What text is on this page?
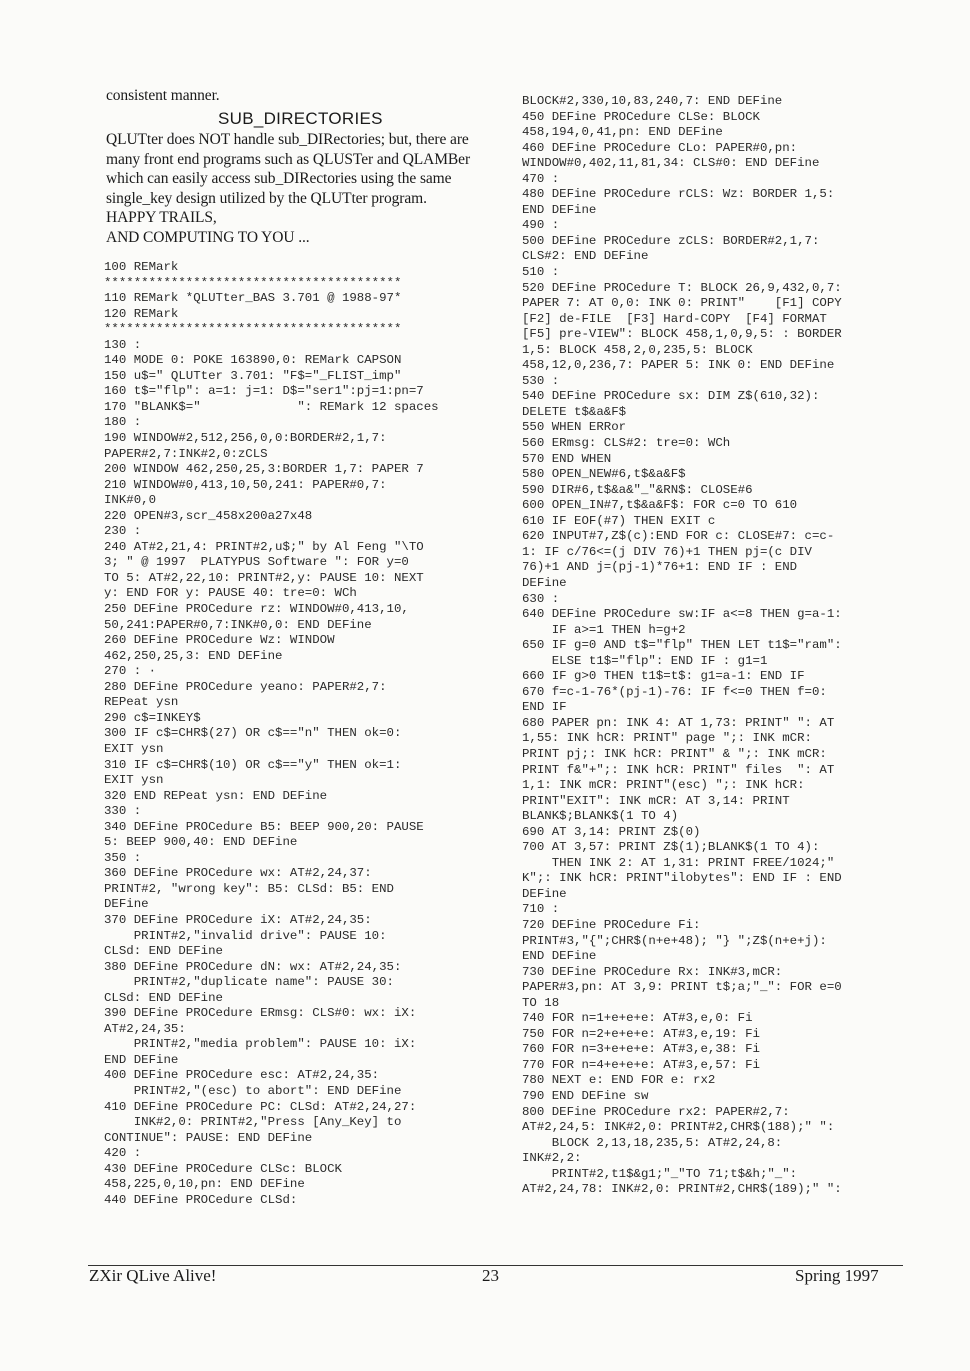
consistent manner.
SUB_DIRECTORIES
QLUTter does NOT handle sub_DIRectories; but, there are
many front end programs such as QLUSTer and QLAMBer
which can easily access sub_DIRectories using the same
single_key design utilized by the QLUTter program.
HAPPY TRAILS,
AND COMPUTING TO YOU ...
100 REMark
****************************************
110 REMark *QLUTter_BAS 3.701 @ 1988-97*
120 REMark
****************************************
130 :
140 MODE 0: POKE 163890,0: REMark CAPSON
150 u$=" QLUTter 3.701: "F$="_FLIST_imp"
160 t$="flp": a=1: j=1: D$="ser1":pj=1:pn=7
170 "BLANK$="             ": REMark 12 spaces
180 :
190 WINDOW#2,512,256,0,0:BORDER#2,1,7:
PAPER#2,7:INK#2,0:zCLS
200 WINDOW 462,250,25,3:BORDER 1,7: PAPER 7
210 WINDOW#0,413,10,50,241: PAPER#0,7:
INK#0,0
220 OPEN#3,scr_458x200a27x48
230 :
240 AT#2,21,4: PRINT#2,u$;" by Al Feng "\TO
3; " @ 1997  PLATYPUS Software ": FOR y=0
TO 5: AT#2,22,10: PRINT#2,y: PAUSE 10: NEXT
y: END FOR y: PAUSE 40: tre=0: WCh
250 DEFine PROCedure rz: WINDOW#0,413,10,
50,241:PAPER#0,7:INK#0,0: END DEFine
260 DEFine PROCedure Wz: WINDOW
462,250,25,3: END DEFine
270 : ·
280 DEFine PROCedure yeano: PAPER#2,7:
REPeat ysn
290 c$=INKEY$
300 IF c$=CHR$(27) OR c$=="n" THEN ok=0:
EXIT ysn
310 IF c$=CHR$(10) OR c$=="y" THEN ok=1:
EXIT ysn
320 END REPeat ysn: END DEFine
330 :
340 DEFine PROCedure B5: BEEP 900,20: PAUSE
5: BEEP 900,40: END DEFine
350 :
360 DEFine PROCedure wx: AT#2,24,37:
PRINT#2, "wrong key": B5: CLSd: B5: END
DEFine
370 DEFine PROCedure iX: AT#2,24,35:
PRINT#2,"invalid drive": PAUSE 10:
CLSd: END DEFine
380 DEFine PROCedure dN: wx: AT#2,24,35:
PRINT#2,"duplicate name": PAUSE 30:
CLSd: END DEFine
390 DEFine PROCedure ERmsg: CLS#0: wx: iX:
AT#2,24,35:
PRINT#2,"media problem": PAUSE 10: iX:
END DEFine
400 DEFine PROCedure esc: AT#2,24,35:
PRINT#2,"(esc) to abort": END DEFine
410 DEFine PROCedure PC: CLSd: AT#2,24,27:
INK#2,0: PRINT#2,"Press [Any_Key] to
CONTINUE": PAUSE: END DEFine
420 :
430 DEFine PROCedure CLSc: BLOCK
458,225,0,10,pn: END DEFine
440 DEFine PROCedure CLSd:
BLOCK#2,330,10,83,240,7: END DEFine
450 DEFine PROCedure CLSe: BLOCK
458,194,0,41,pn: END DEFine
460 DEFine PROCedure CLo: PAPER#0,pn:
WINDOW#0,402,11,81,34: CLS#0: END DEFine
470 :
480 DEFine PROCedure rCLS: Wz: BORDER 1,5:
END DEFine
490 :
500 DEFine PROCedure zCLS: BORDER#2,1,7:
CLS#2: END DEFine
510 :
520 DEFine PROCedure T: BLOCK 26,9,432,0,7:
PAPER 7: AT 0,0: INK 0: PRINT"    [F1] COPY
[F2] de-FILE  [F3] Hard-COPY  [F4] FORMAT
[F5] pre-VIEW": BLOCK 458,1,0,9,5: : BORDER
1,5: BLOCK 458,2,0,235,5: BLOCK
458,12,0,236,7: PAPER 5: INK 0: END DEFine
530 :
540 DEFine PROCedure sx: DIM Z$(610,32):
DELETE t$&a&F$
550 WHEN ERRor
560 ERmsg: CLS#2: tre=0: WCh
570 END WHEN
580 OPEN_NEW#6,t$&a&F$
590 DIR#6,t$&a&"_"&RN$: CLOSE#6
600 OPEN_IN#7,t$&a&F$: FOR c=0 TO 610
610 IF EOF(#7) THEN EXIT c
620 INPUT#7,Z$(c):END FOR c: CLOSE#7: c=c-
1: IF c/76<=(j DIV 76)+1 THEN pj=(c DIV
76)+1 AND j=(pj-1)*76+1: END IF : END
DEFine
630 :
640 DEFine PROCedure sw:IF a<=8 THEN g=a-1:
IF a>=1 THEN h=g+2
650 IF g=0 AND t$="flp" THEN LET t1$="ram":
ELSE t1$="flp": END IF : g1=1
660 IF g>0 THEN t1$=t$: g1=a-1: END IF
670 f=c-1-76*(pj-1)-76: IF f<=0 THEN f=0:
END IF
680 PAPER pn: INK 4: AT 1,73: PRINT" ": AT
1,55: INK hCR: PRINT" page ";: INK mCR:
PRINT pj;: INK hCR: PRINT" & ";: INK mCR:
PRINT f&"+";: INK hCR: PRINT" files  ": AT
1,1: INK mCR: PRINT"(esc) ";: INK hCR:
PRINT"EXIT": INK mCR: AT 3,14: PRINT
BLANK$;BLANK$(1 TO 4)
690 AT 3,14: PRINT Z$(0)
700 AT 3,57: PRINT Z$(1);BLANK$(1 TO 4):
THEN INK 2: AT 1,31: PRINT FREE/1024;"
K";: INK hCR: PRINT"ilobytes": END IF : END
DEFine
710 :
720 DEFine PROCedure Fi:
PRINT#3,"{";CHR$(n+e+48); "} ";Z$(n+e+j):
END DEFine
730 DEFine PROCedure Rx: INK#3,mCR:
PAPER#3,pn: AT 3,9: PRINT t$;a;"_": FOR e=0
TO 18
740 FOR n=1+e+e+e: AT#3,e,0: Fi
750 FOR n=2+e+e+e: AT#3,e,19: Fi
760 FOR n=3+e+e+e: AT#3,e,38: Fi
770 FOR n=4+e+e+e: AT#3,e,57: Fi
780 NEXT e: END FOR e: rx2
790 END DEFine sw
800 DEFine PROCedure rx2: PAPER#2,7:
AT#2,24,5: INK#2,0: PRINT#2,CHR$(188);" ":
BLOCK 2,13,18,235,5: AT#2,24,8:
INK#2,2:
PRINT#2,t1$&g1;"_"TO 71;t$&h;"_":
AT#2,24,78: INK#2,0: PRINT#2,CHR$(189);" ":
ZXir QLive Alive!	23	Spring 1997
